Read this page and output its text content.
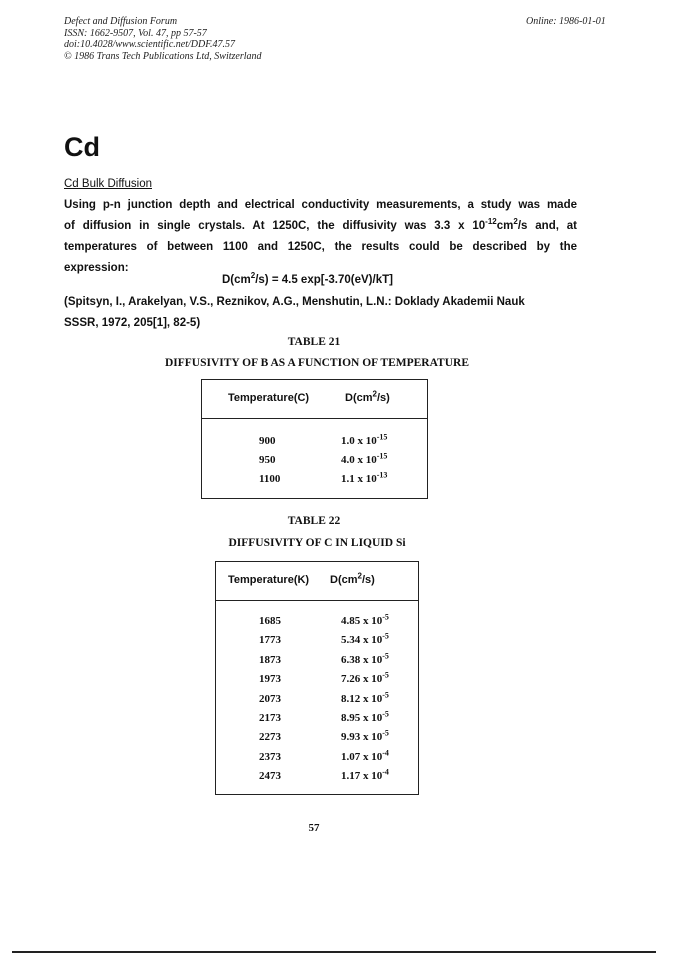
Defect and Diffusion Forum
ISSN: 1662-9507, Vol. 47, pp 57-57
doi:10.4028/www.scientific.net/DDF.47.57
© 1986 Trans Tech Publications Ltd, Switzerland
Online: 1986-01-01
Cd
Cd Bulk Diffusion
Using p-n junction depth and electrical conductivity measurements, a study was made
of diffusion in single crystals. At 1250C, the diffusivity was 3.3 x $10^{-12}cm^2/s$ and, at
temperatures of between 1100 and 1250C, the results could be described by the
expression:
$D(cm^2/s) = 4.5$ exp[-3.70(eV)/kT]
(Spitsyn, I., Arakelyan, V.S., Reznikov, A.G., Menshutin, L.N.: Doklady Akademii Nauk
SSSR, 1972, 205[1], 82-5)
TABLE 21
DIFFUSIVITY OF B AS A FUNCTION OF TEMPERATURE
Temperature(C)	$D(cm^2/s)$
900	1.0 x $10^{-15}$
950	4.0 x $10^{-15}$
1100	1.1 x $10^{-13}$
TABLE 22
DIFFUSIVITY OF C IN LIQUID Si
Temperature(K) $D(cm^2/s)$
1685	4.85 x $10^{-5}$
1773	5.34 x $10^{-5}$
1873	6.38 x $10^{-5}$
1973	7.26 x $10^{-5}$
2073	8.12 x $10^{-5}$
2173	8.95 x $10^{-5}$
2273	9.93 x $10^{-5}$
2373	1.07 x $10^{-4}$
2473	1.17 x $10^{-4}$
57
